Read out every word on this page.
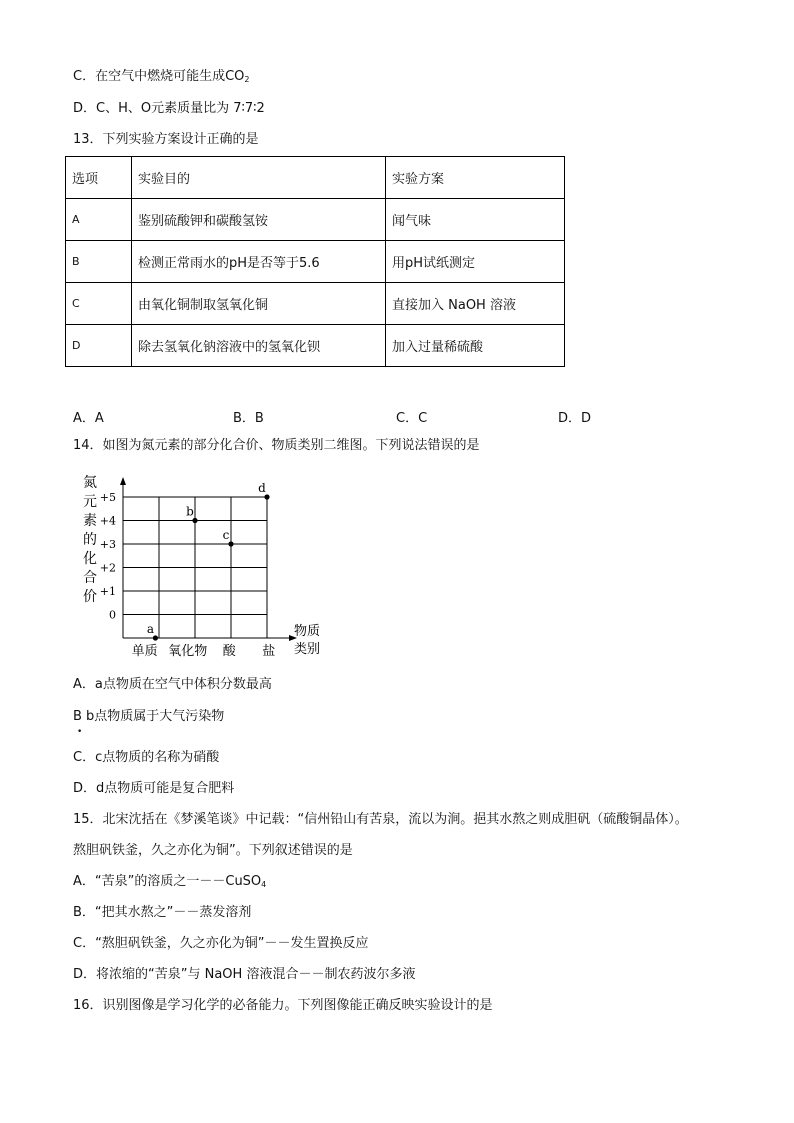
C．在空气中燃烧可能生成$CO_2$
D．C、H、O元素质量比为 7∶7∶2
13．下列实验方案设计正确的是
选项	实验目的	实验方案
A	鉴别硫酸钾和碳酸氢铵	闻气味
B	检测正常雨水的pH是否等于5.6	用pH试纸测定
C	由氧化铜制取氢氧化铜	直接加入 NaOH 溶液
D	除去氢氧化钠溶液中的氢氧化钡	加入过量稀硫酸
A．A	B．B	C．C	D．D
14．如图为氮元素的部分化合价、物质类别二维图。下列说法错误的是
+5
+4
+3
+2
+1
0
单质 氧化物 酸 盐
氮
元
素
的
化
合
价
物质
类别
a
b
c
d
A．a点物质在空气中体积分数最高
B b点物质属于大气污染物
•
C．c点物质的名称为硝酸
D．d点物质可能是复合肥料
15．北宋沈括在《梦溪笔谈》中记载：“信州铅山有苦泉，流以为涧。挹其水熬之则成胆矾（硫酸铜晶体）。
熬胆矾铁釜，久之亦化为铜”。下列叙述错误的是
A．“苦泉”的溶质之一－－CuSO$_4$
B．“把其水熬之”－－蒸发溶剂
C．“熬胆矾铁釜，久之亦化为铜”－－发生置换反应
D．将浓缩的“苦泉”与 NaOH 溶液混合－－制农药波尔多液
16．识别图像是学习化学的必备能力。下列图像能正确反映实验设计的是
